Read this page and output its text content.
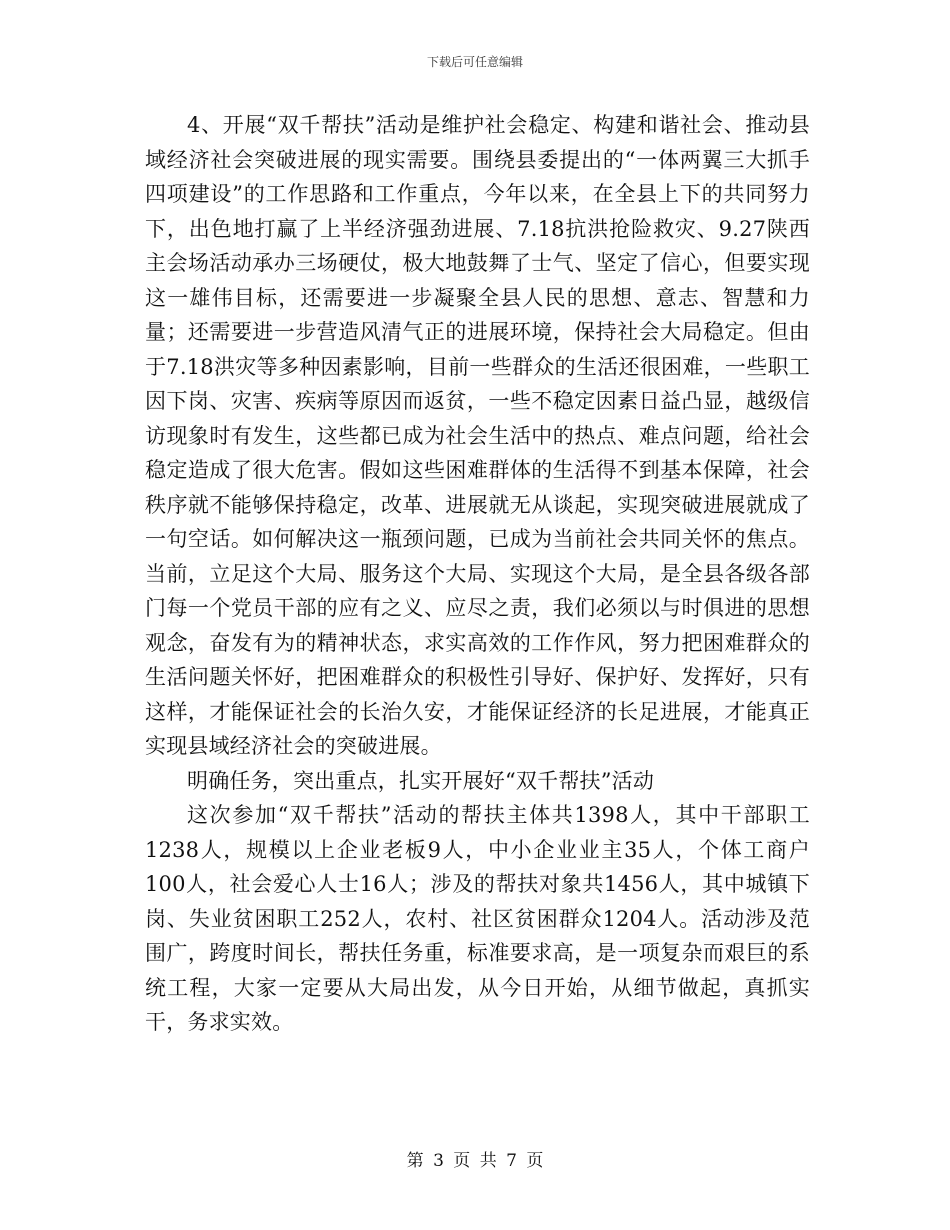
下载后可任意编辑

4、开展“双千帮扶”活动是维护社会稳定、构建和谐社会、推动县域经济社会突破进展的现实需要。围绕县委提出的“一体两翼三大抓手四项建设”的工作思路和工作重点，今年以来，在全县上下的共同努力下，出色地打赢了上半经济强劲进展、7.18抗洪抢险救灾、9.27陕西主会场活动承办三场硬仗，极大地鼓舞了士气、坚定了信心，但要实现这一雄伟目标，还需要进一步凝聚全县人民的思想、意志、智慧和力量；还需要进一步营造风清气正的进展环境，保持社会大局稳定。但由于7.18洪灾等多种因素影响，目前一些群众的生活还很困难，一些职工因下岗、灾害、疾病等原因而返贫，一些不稳定因素日益凸显，越级信访现象时有发生，这些都已成为社会生活中的热点、难点问题，给社会稳定造成了很大危害。假如这些困难群体的生活得不到基本保障，社会秩序就不能够保持稳定，改革、进展就无从谈起，实现突破进展就成了一句空话。如何解决这一瓶颈问题，已成为当前社会共同关怀的焦点。当前，立足这个大局、服务这个大局、实现这个大局，是全县各级各部门每一个党员干部的应有之义、应尽之责，我们必须以与时俱进的思想观念，奋发有为的精神状态，求实高效的工作作风，努力把困难群众的生活问题关怀好，把困难群众的积极性引导好、保护好、发挥好，只有这样，才能保证社会的长治久安，才能保证经济的长足进展，才能真正实现县域经济社会的突破进展。

明确任务，突出重点，扎实开展好“双千帮扶”活动

这次参加“双千帮扶”活动的帮扶主体共1398人，其中干部职工1238人，规模以上企业老板9人，中小企业业主35人，个体工商户100人，社会爱心人士16人；涉及的帮扶对象共1456人，其中城镇下岗、失业贫困职工252人，农村、社区贫困群众1204人。活动涉及范围广，跨度时间长，帮扶任务重，标准要求高，是一项复杂而艰巨的系统工程，大家一定要从大局出发，从今日开始，从细节做起，真抓实干，务求实效。

第 3 页 共 7 页
